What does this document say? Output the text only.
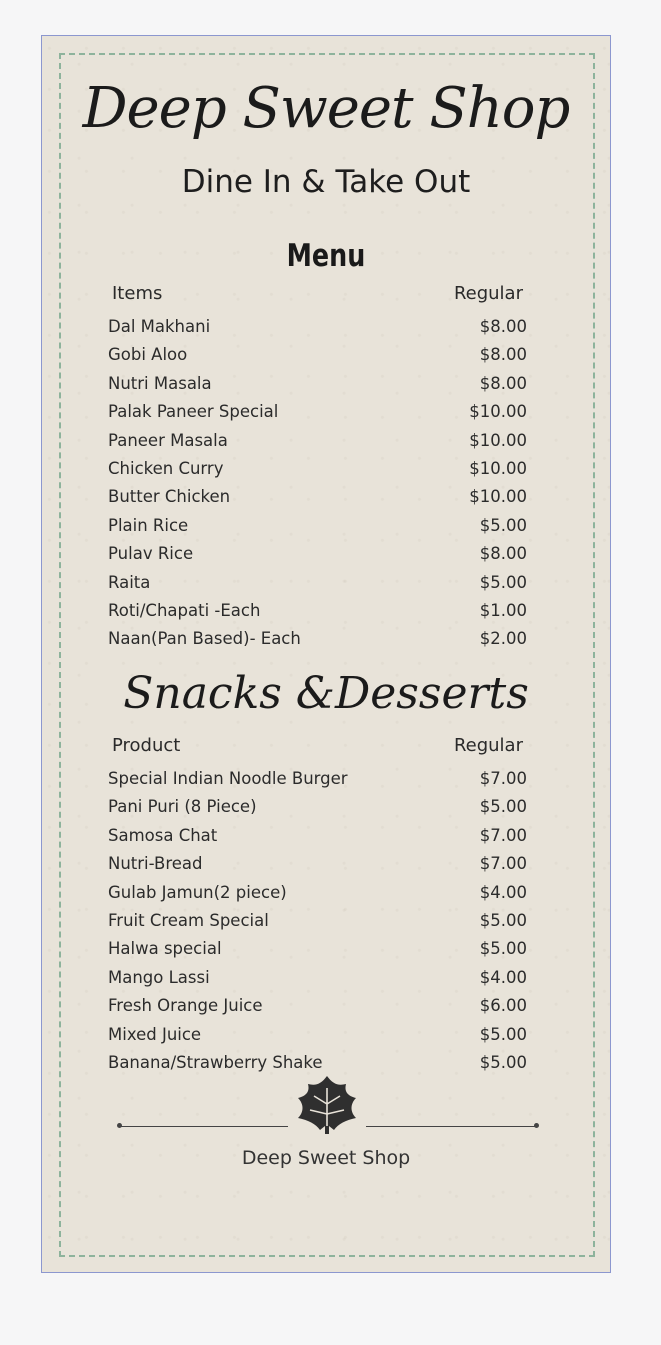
Deep Sweet Shop
Dine In & Take Out
Menu
Items	Regular
Dal Makhani	$8.00
Gobi Aloo	$8.00
Nutri Masala	$8.00
Palak Paneer Special	$10.00
Paneer Masala	$10.00
Chicken Curry	$10.00
Butter Chicken	$10.00
Plain Rice	$5.00
Pulav Rice	$8.00
Raita	$5.00
Roti/Chapati -Each	$1.00
Naan(Pan Based)- Each	$2.00
Snacks &Desserts
Product	Regular
Special Indian Noodle Burger	$7.00
Pani Puri (8 Piece)	$5.00
Samosa Chat	$7.00
Nutri-Bread	$7.00
Gulab Jamun(2 piece)	$4.00
Fruit Cream Special	$5.00
Halwa special	$5.00
Mango Lassi	$4.00
Fresh Orange Juice	$6.00
Mixed Juice	$5.00
Banana/Strawberry Shake	$5.00
Deep Sweet Shop
